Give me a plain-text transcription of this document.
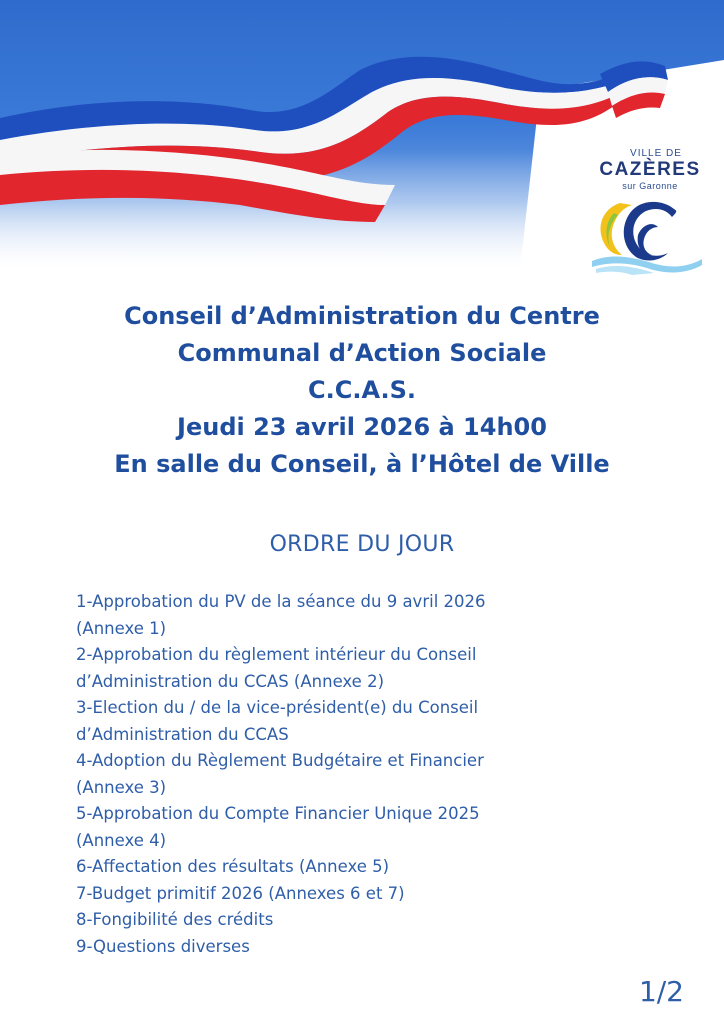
VILLE DE
CAZÈRES
sur Garonne
Conseil d’Administration du Centre
Communal d’Action Sociale
C.C.A.S.
Jeudi 23 avril 2026 à 14h00
En salle du Conseil, à l’Hôtel de Ville
ORDRE DU JOUR
1-Approbation du PV de la séance du 9 avril 2026
(Annexe 1)
2-Approbation du règlement intérieur du Conseil
d’Administration du CCAS (Annexe 2)
3-Election du / de la vice-président(e) du Conseil
d’Administration du CCAS
4-Adoption du Règlement Budgétaire et Financier
(Annexe 3)
5-Approbation du Compte Financier Unique 2025
(Annexe 4)
6-Affectation des résultats (Annexe 5)
7-Budget primitif 2026 (Annexes 6 et 7)
8-Fongibilité des crédits
9-Questions diverses
1/2
